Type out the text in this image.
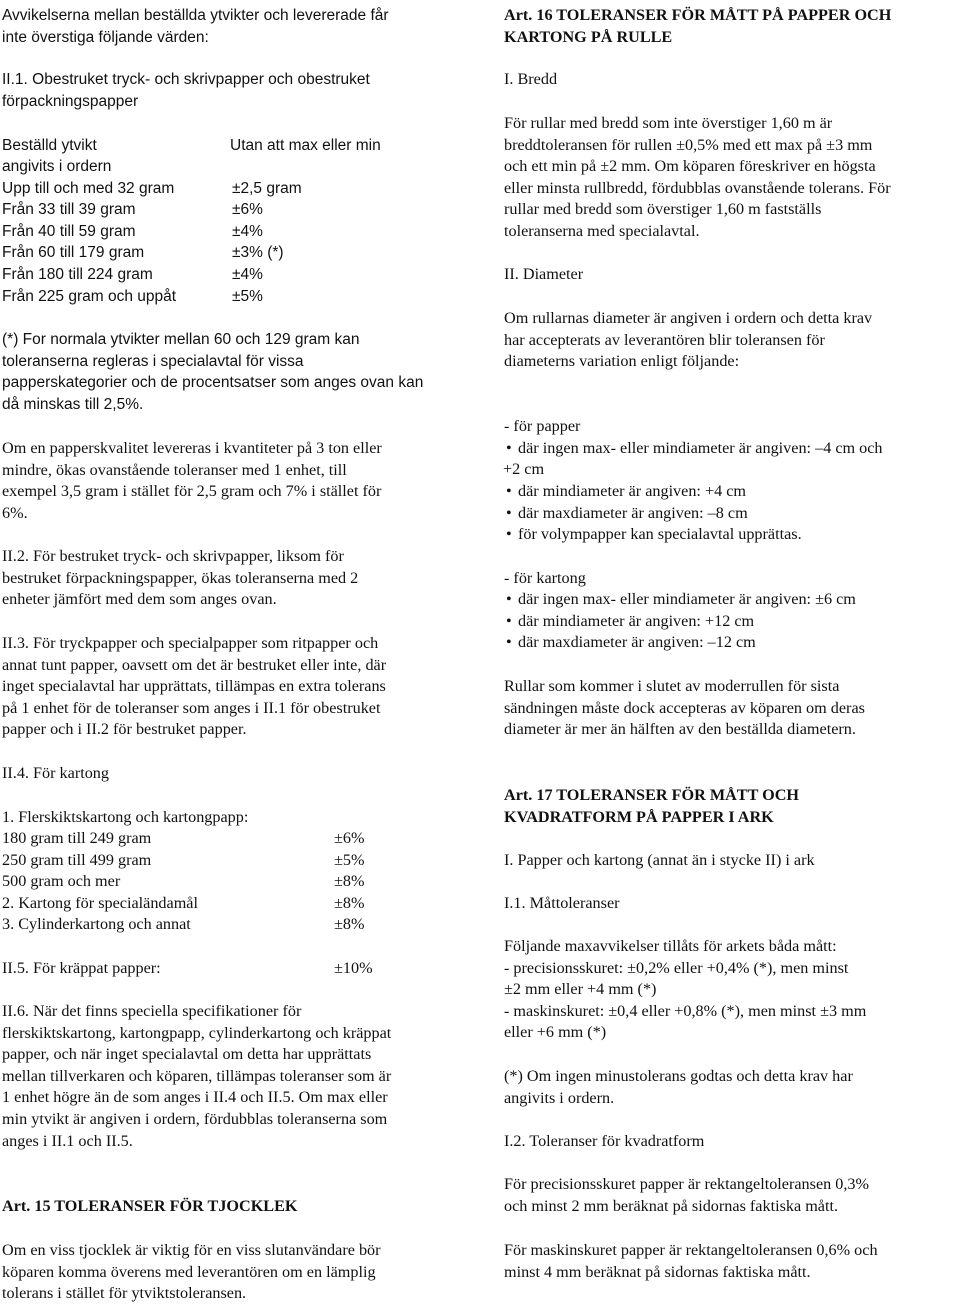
Avvikelserna mellan beställda ytvikter och levererade får
inte överstiga följande värden:
II.1. Obestruket tryck- och skrivpapper och obestruket
förpackningspapper
Beställd ytvikt	Utan att max eller min
angivits i ordern
Upp till och med 32 gram	±2,5 gram
Från 33 till 39 gram	±6%
Från 40 till 59 gram	±4%
Från 60 till 179 gram	±3% (*)
Från 180 till 224 gram	±4%
Från 225 gram och uppåt	±5%
(*) For normala ytvikter mellan 60 och 129 gram kan
toleranserna regleras i specialavtal för vissa
papperskategorier och de procentsatser som anges ovan kan
då minskas till 2,5%.
Om en papperskvalitet levereras i kvantiteter på 3 ton eller
mindre, ökas ovanstående toleranser med 1 enhet, till
exempel 3,5 gram i stället för 2,5 gram och 7% i stället för
6%.
II.2. För bestruket tryck- och skrivpapper, liksom för
bestruket förpackningspapper, ökas toleranserna med 2
enheter jämfört med dem som anges ovan.
II.3. För tryckpapper och specialpapper som ritpapper och
annat tunt papper, oavsett om det är bestruket eller inte, där
inget specialavtal har upprättats, tillämpas en extra tolerans
på 1 enhet för de toleranser som anges i II.1 för obestruket
papper och i II.2 för bestruket papper.
II.4. För kartong
1. Flerskiktskartong och kartongpapp:
180 gram till 249 gram	±6%
250 gram till 499 gram	±5%
500 gram och mer	±8%
2. Kartong för specialändamål	±8%
3. Cylinderkartong och annat	±8%
II.5. För kräppat papper:	±10%
II.6. När det finns speciella specifikationer för
flerskiktskartong, kartongpapp, cylinderkartong och kräppat
papper, och när inget specialavtal om detta har upprättats
mellan tillverkaren och köparen, tillämpas toleranser som är
1 enhet högre än de som anges i II.4 och II.5. Om max eller
min ytvikt är angiven i ordern, fördubblas toleranserna som
anges i II.1 och II.5.
Art. 15 TOLERANSER FÖR TJOCKLEK
Om en viss tjocklek är viktig för en viss slutanvändare bör
köparen komma överens med leverantören om en lämplig
tolerans i stället för ytviktstoleransen.
Art. 16 TOLERANSER FÖR MÅTT PÅ PAPPER OCH
KARTONG PÅ RULLE
I. Bredd
För rullar med bredd som inte överstiger 1,60 m är
breddtoleransen för rullen ±0,5% med ett max på ±3 mm
och ett min på ±2 mm. Om köparen föreskriver en högsta
eller minsta rullbredd, fördubblas ovanstående tolerans. För
rullar med bredd som överstiger 1,60 m fastställs
toleranserna med specialavtal.
II. Diameter
Om rullarnas diameter är angiven i ordern och detta krav
har accepterats av leverantören blir toleransen för
diameterns variation enligt följande:
- för papper
• där ingen max- eller mindiameter är angiven: –4 cm och
+2 cm
• där mindiameter är angiven: +4 cm
• där maxdiameter är angiven: –8 cm
• för volympapper kan specialavtal upprättas.
- för kartong
• där ingen max- eller mindiameter är angiven: ±6 cm
• där mindiameter är angiven: +12 cm
• där maxdiameter är angiven: –12 cm
Rullar som kommer i slutet av moderrullen för sista
sändningen måste dock accepteras av köparen om deras
diameter är mer än hälften av den beställda diametern.
Art. 17 TOLERANSER FÖR MÅTT OCH
KVADRATFORM PÅ PAPPER I ARK
I. Papper och kartong (annat än i stycke II) i ark
I.1. Måttoleranser
Följande maxavvikelser tillåts för arkets båda mått:
- precisionsskuret: ±0,2% eller +0,4% (*), men minst
±2 mm eller +4 mm (*)
- maskinskuret: ±0,4 eller +0,8% (*), men minst ±3 mm
eller +6 mm (*)
(*) Om ingen minustolerans godtas och detta krav har
angivits i ordern.
I.2. Toleranser för kvadratform
För precisionsskuret papper är rektangeltoleransen 0,3%
och minst 2 mm beräknat på sidornas faktiska mått.
För maskinskuret papper är rektangeltoleransen 0,6% och
minst 4 mm beräknat på sidornas faktiska mått.
